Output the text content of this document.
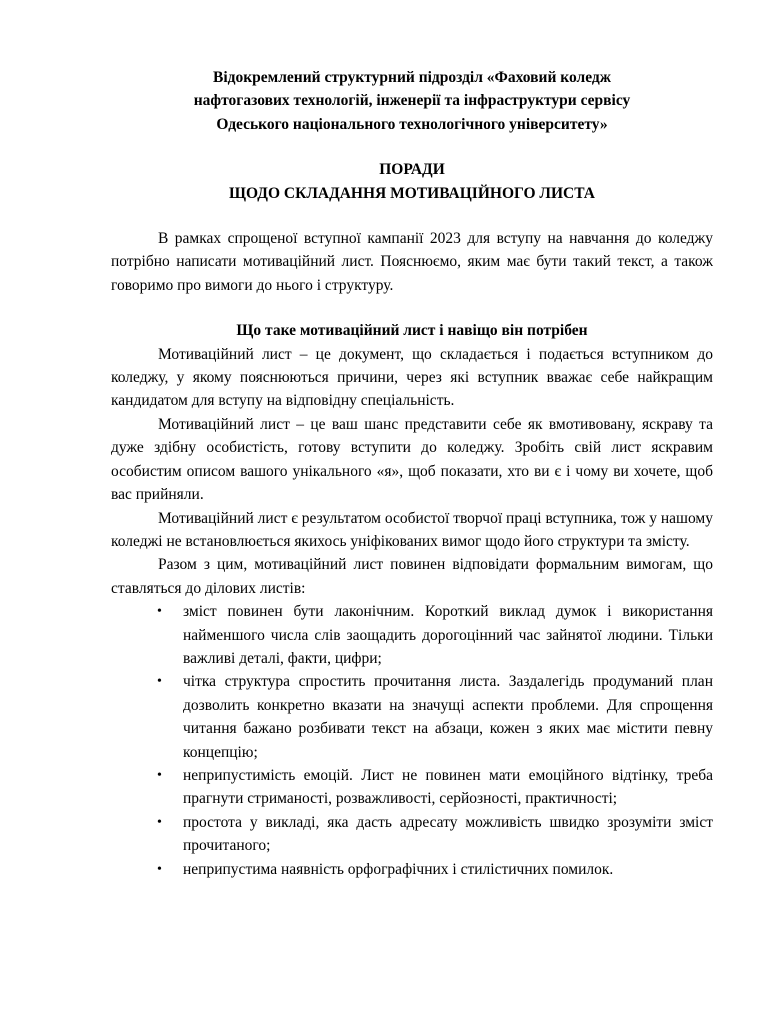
Відокремлений структурний підрозділ «Фаховий коледж
нафтогазових технологій, інженерії та інфраструктури сервісу
Одеського національного технологічного університету»
ПОРАДИ
ЩОДО СКЛАДАННЯ МОТИВАЦІЙНОГО ЛИСТА

В рамках спрощеної вступної кампанії 2023 для вступу на навчання до коледжу потрібно написати мотиваційний лист. Пояснюємо, яким має бути такий текст, а також говоримо про вимоги до нього і структуру.

Що таке мотиваційний лист і навіщо він потрібен

Мотиваційний лист – це документ, що складається і подається вступником до коледжу, у якому пояснюються причини, через які вступник вважає себе найкращим кандидатом для вступу на відповідну спеціальність.

Мотиваційний лист – це ваш шанс представити себе як вмотивовану, яскраву та дуже здібну особистість, готову вступити до коледжу. Зробіть свій лист яскравим особистим описом вашого унікального «я», щоб показати, хто ви є і чому ви хочете, щоб вас прийняли.

Мотиваційний лист є результатом особистої творчої праці вступника, тож у нашому коледжі не встановлюється якихось уніфікованих вимог щодо його структури та змісту.

Разом з цим, мотиваційний лист повинен відповідати формальним вимогам, що ставляться до ділових листів:

• зміст повинен бути лаконічним. Короткий виклад думок і використання найменшого числа слів заощадить дорогоцінний час зайнятої людини. Тільки важливі деталі, факти, цифри;
• чітка структура спростить прочитання листа. Заздалегідь продуманий план дозволить конкретно вказати на значущі аспекти проблеми. Для спрощення читання бажано розбивати текст на абзаци, кожен з яких має містити певну концепцію;
• неприпустимість емоцій. Лист не повинен мати емоційного відтінку, треба прагнути стриманості, розважливості, серйозності, практичності;
• простота у викладі, яка дасть адресату можливість швидко зрозуміти зміст прочитаного;
• неприпустима наявність орфографічних і стилістичних помилок.
